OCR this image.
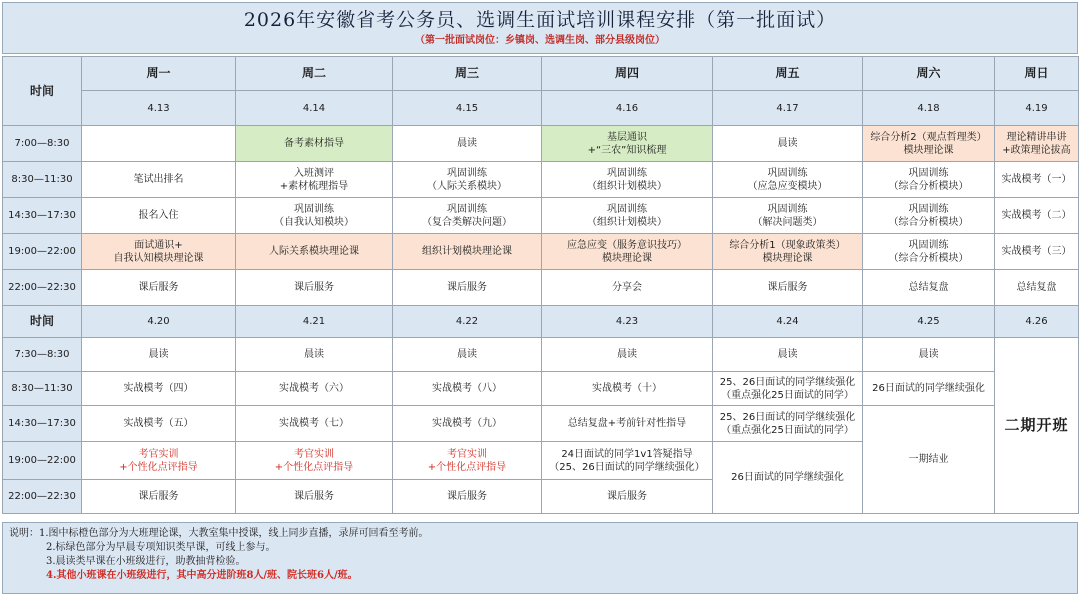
2026年安徽省考公务员、选调生面试培训课程安排（第一批面试）
（第一批面试岗位：乡镇岗、选调生岗、部分县级岗位）
时间	周一	周二	周三	周四	周五	周六	周日	
	4.13	4.14	4.15	4.16	4.17	4.18	4.19	
7:00—8:30		备考素材指导	晨读	基层通识
+“三农”知识梳理	晨读	综合分析2（观点哲理类）
模块理论课	理论精讲串讲
+政策理论拔高	

8:30—11:30	笔试出排名	入班测评
+素材梳理指导	巩固训练
（人际关系模块）	巩固训练
（组织计划模块）	巩固训练
（应急应变模块）	巩固训练
（综合分析模块）	实战模考（一）	

14:30—17:30	报名入住	巩固训练
（自我认知模块）	巩固训练
（复合类解决问题）	巩固训练
（组织计划模块）	巩固训练
（解决问题类）	巩固训练
（综合分析模块）	实战模考（二）	

19:00—22:00	面试通识+
自我认知模块理论课	人际关系模块理论课	组织计划模块理论课	应急应变（服务意识技巧）
模块理论课	综合分析1（现象政策类）
模块理论课	巩固训练
（综合分析模块）	实战模考（三）	

22:00—22:30	课后服务	课后服务	课后服务	分享会	课后服务	总结复盘	总结复盘	

时间	4.20	4.21	4.22	4.23	4.24	4.25	4.26	
7:30—8:30	晨读	晨读	晨读	晨读	晨读	晨读	二期开班	
8:30—11:30	实战模考（四）	实战模考（六）	实战模考（八）	实战模考（十）	25、26日面试的同学继续强化
（重点强化25日面试的同学）	26日面试的同学继续强化		

14:30—17:30	实战模考（五）	实战模考（七）	实战模考（九）	总结复盘+考前针对性指导	25、26日面试的同学继续强化
（重点强化25日面试的同学）	一期结业		

19:00—22:00	考官实训
+个性化点评指导	考官实训
+个性化点评指导	考官实训
+个性化点评指导	24日面试的同学1v1答疑指导
（25、26日面试的同学继续强化）	26日面试的同学继续强化			

22:00—22:30	课后服务	课后服务	课后服务	课后服务

说明：1.图中标橙色部分为大班理论课，大教室集中授课，线上同步直播，录屏可回看至考前。
2.标绿色部分为早晨专项知识类早课，可线上参与。
3.晨读类早课在小班级进行，助教抽背检验。
4.其他小班课在小班级进行，其中高分进阶班8人/班、院长班6人/班。
